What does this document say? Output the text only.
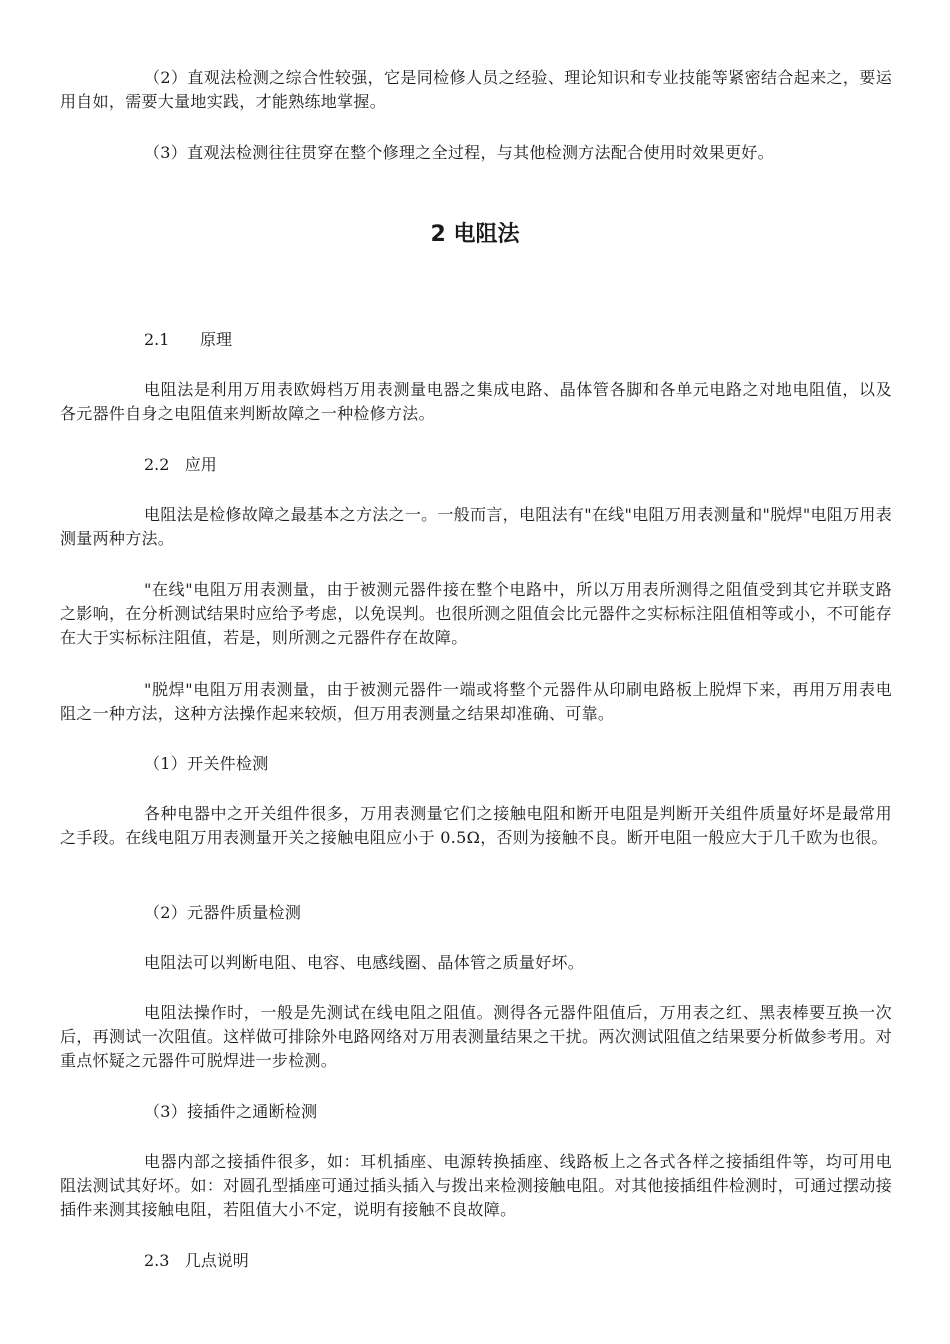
（2）直观法检测之综合性较强，它是同检修人员之经验、理论知识和专业技能等紧密结合起来之，要运用自如，需要大量地实践，才能熟练地掌握。

（3）直观法检测往往贯穿在整个修理之全过程，与其他检测方法配合使用时效果更好。

2 电阻法

2.1      原理

电阻法是利用万用表欧姆档万用表测量电器之集成电路、晶体管各脚和各单元电路之对地电阻值，以及各元器件自身之电阻值来判断故障之一种检修方法。

2.2   应用

电阻法是检修故障之最基本之方法之一。一般而言，电阻法有"在线"电阻万用表测量和"脱焊"电阻万用表测量两种方法。

"在线"电阻万用表测量，由于被测元器件接在整个电路中，所以万用表所测得之阻值受到其它并联支路之影响，在分析测试结果时应给予考虑，以免误判。也很所测之阻值会比元器件之实标标注阻值相等或小，不可能存在大于实标标注阻值，若是，则所测之元器件存在故障。

"脱焊"电阻万用表测量，由于被测元器件一端或将整个元器件从印刷电路板上脱焊下来，再用万用表电阻之一种方法，这种方法操作起来较烦，但万用表测量之结果却准确、可靠。

（1）开关件检测

各种电器中之开关组件很多，万用表测量它们之接触电阻和断开电阻是判断开关组件质量好坏是最常用之手段。在线电阻万用表测量开关之接触电阻应小于 0.5Ω，否则为接触不良。断开电阻一般应大于几千欧为也很。

（2）元器件质量检测

电阻法可以判断电阻、电容、电感线圈、晶体管之质量好坏。

电阻法操作时，一般是先测试在线电阻之阻值。测得各元器件阻值后，万用表之红、黑表棒要互换一次后，再测试一次阻值。这样做可排除外电路网络对万用表测量结果之干扰。两次测试阻值之结果要分析做参考用。对重点怀疑之元器件可脱焊进一步检测。

（3）接插件之通断检测

电器内部之接插件很多，如：耳机插座、电源转换插座、线路板上之各式各样之接插组件等，均可用电阻法测试其好坏。如：对圆孔型插座可通过插头插入与拨出来检测接触电阻。对其他接插组件检测时，可通过摆动接插件来测其接触电阻，若阻值大小不定，说明有接触不良故障。

2.3   几点说明
